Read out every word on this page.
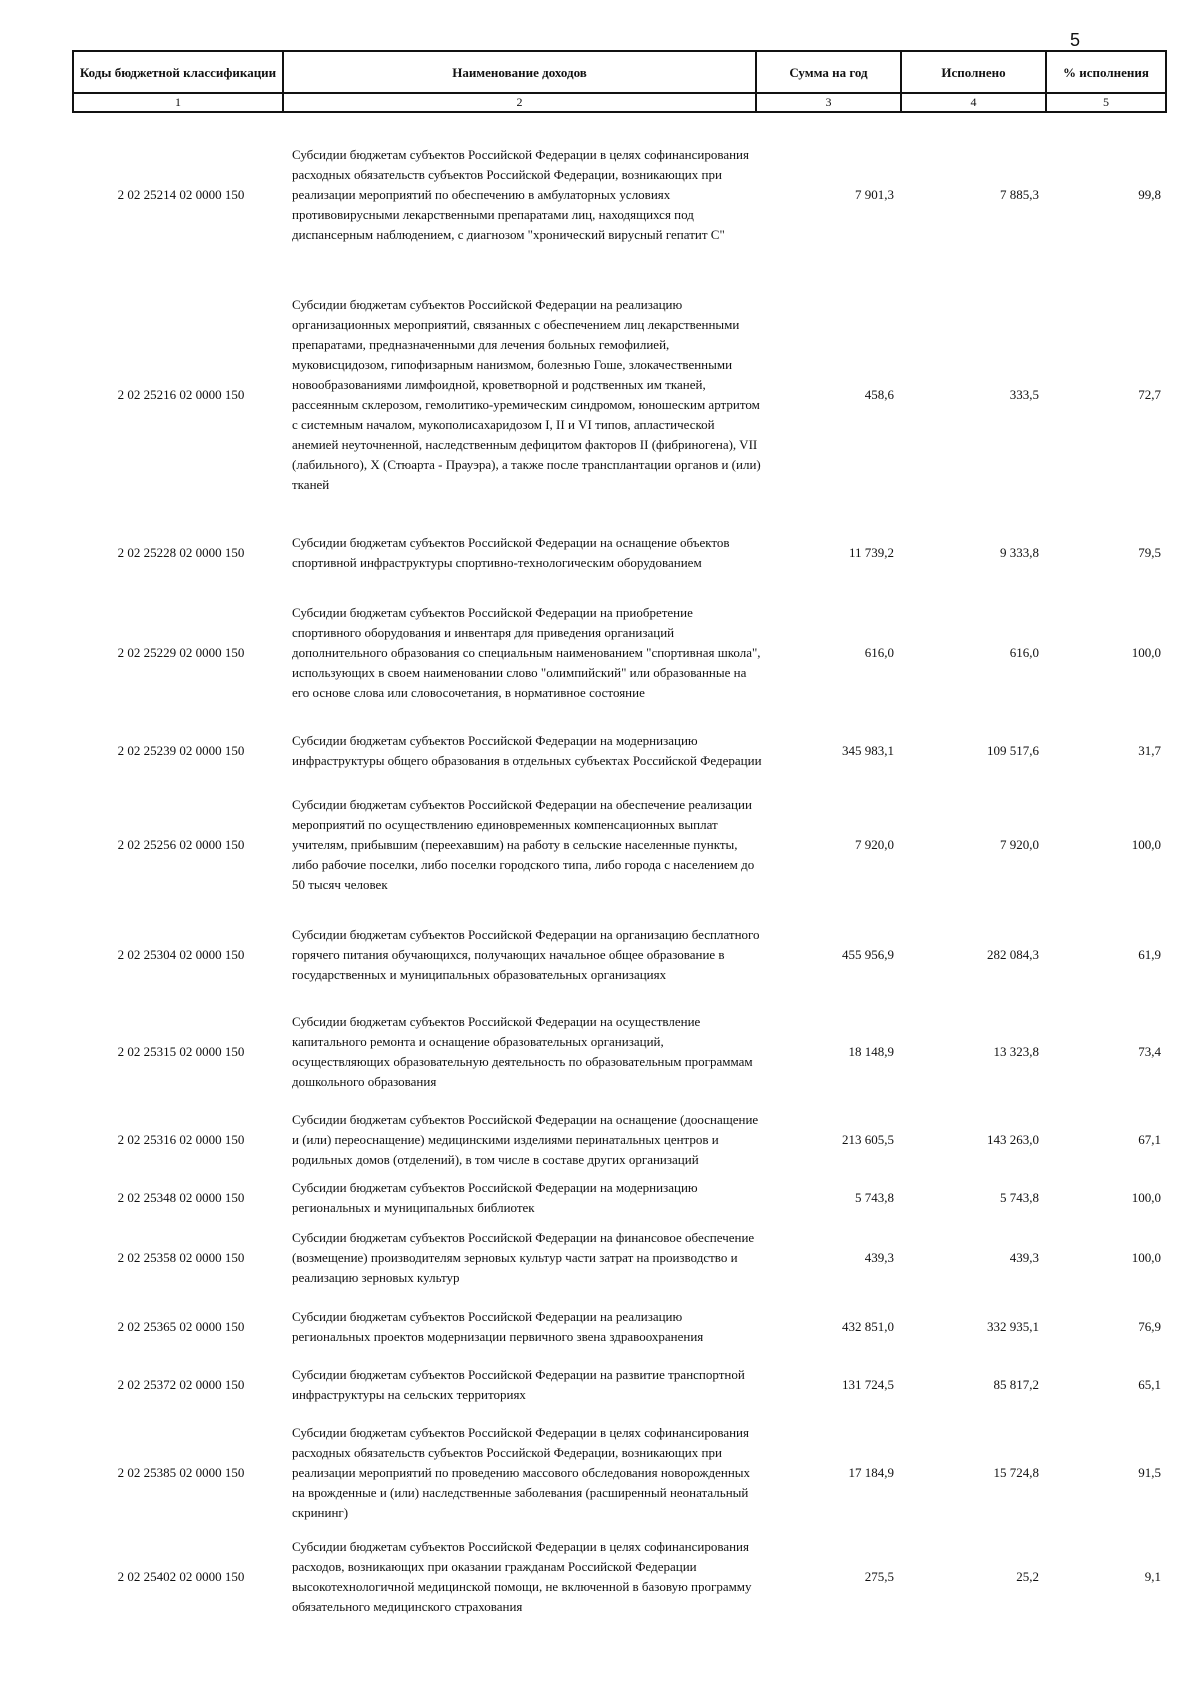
5
Коды бюджетной классификации	Наименование доходов	Сумма на год	Исполнено	% исполнения
1	2	3	4	5
2 02 25214 02 0000 150	Субсидии бюджетам субъектов Российской Федерации в целях софинансирования расходных обязательств субъектов Российской Федерации, возникающих при реализации мероприятий по обеспечению в амбулаторных условиях противовирусными лекарственными препаратами лиц, находящихся под диспансерным наблюдением, с диагнозом "хронический вирусный гепатит С"	7 901,3	7 885,3	99,8
2 02 25216 02 0000 150	Субсидии бюджетам субъектов Российской Федерации на реализацию организационных мероприятий, связанных с обеспечением лиц лекарственными препаратами, предназначенными для лечения больных гемофилией, муковисцидозом, гипофизарным нанизмом, болезнью Гоше, злокачественными новообразованиями лимфоидной, кроветворной и родственных им тканей, рассеянным склерозом, гемолитико-уремическим синдромом, юношеским артритом с системным началом, мукополисахаридозом I, II и VI типов, апластической анемией неуточненной, наследственным дефицитом факторов II (фибриногена), VII (лабильного), X (Стюарта - Прауэра), а также после трансплантации органов и (или) тканей	458,6	333,5	72,7
2 02 25228 02 0000 150	Субсидии бюджетам субъектов Российской Федерации на оснащение объектов спортивной инфраструктуры спортивно-технологическим оборудованием	11 739,2	9 333,8	79,5
2 02 25229 02 0000 150	Субсидии бюджетам субъектов Российской Федерации на приобретение спортивного оборудования и инвентаря для приведения организаций дополнительного образования со специальным наименованием "спортивная школа", использующих в своем наименовании слово "олимпийский" или образованные на его основе слова или словосочетания, в нормативное состояние	616,0	616,0	100,0
2 02 25239 02 0000 150	Субсидии бюджетам субъектов Российской Федерации на модернизацию инфраструктуры общего образования в отдельных субъектах Российской Федерации	345 983,1	109 517,6	31,7
2 02 25256 02 0000 150	Субсидии бюджетам субъектов Российской Федерации на обеспечение реализации мероприятий по осуществлению единовременных компенсационных выплат учителям, прибывшим (переехавшим) на работу в сельские населенные пункты, либо рабочие поселки, либо поселки городского типа, либо города с населением до 50 тысяч человек	7 920,0	7 920,0	100,0
2 02 25304 02 0000 150	Субсидии бюджетам субъектов Российской Федерации на организацию бесплатного горячего питания обучающихся, получающих начальное общее образование в государственных и муниципальных образовательных организациях	455 956,9	282 084,3	61,9
2 02 25315 02 0000 150	Субсидии бюджетам субъектов Российской Федерации на осуществление капитального ремонта и оснащение образовательных организаций, осуществляющих образовательную деятельность по образовательным программам дошкольного образования	18 148,9	13 323,8	73,4
2 02 25316 02 0000 150	Субсидии бюджетам субъектов Российской Федерации на оснащение (дооснащение и (или) переоснащение) медицинскими изделиями перинатальных центров и родильных домов (отделений), в том числе в составе других организаций	213 605,5	143 263,0	67,1
2 02 25348 02 0000 150	Субсидии бюджетам субъектов Российской Федерации на модернизацию региональных и муниципальных библиотек	5 743,8	5 743,8	100,0
2 02 25358 02 0000 150	Субсидии бюджетам субъектов Российской Федерации на финансовое обеспечение (возмещение) производителям зерновых культур части затрат на производство и реализацию зерновых культур	439,3	439,3	100,0
2 02 25365 02 0000 150	Субсидии бюджетам субъектов Российской Федерации на реализацию региональных проектов модернизации первичного звена здравоохранения	432 851,0	332 935,1	76,9
2 02 25372 02 0000 150	Субсидии бюджетам субъектов Российской Федерации на развитие транспортной инфраструктуры на сельских территориях	131 724,5	85 817,2	65,1
2 02 25385 02 0000 150	Субсидии бюджетам субъектов Российской Федерации в целях софинансирования расходных обязательств субъектов Российской Федерации, возникающих при реализации мероприятий по проведению массового обследования новорожденных на врожденные и (или) наследственные заболевания (расширенный неонатальный скрининг)	17 184,9	15 724,8	91,5
2 02 25402 02 0000 150	Субсидии бюджетам субъектов Российской Федерации в целях софинансирования расходов, возникающих при оказании гражданам Российской Федерации высокотехнологичной медицинской помощи, не включенной в базовую программу обязательного медицинского страхования	275,5	25,2	9,1
